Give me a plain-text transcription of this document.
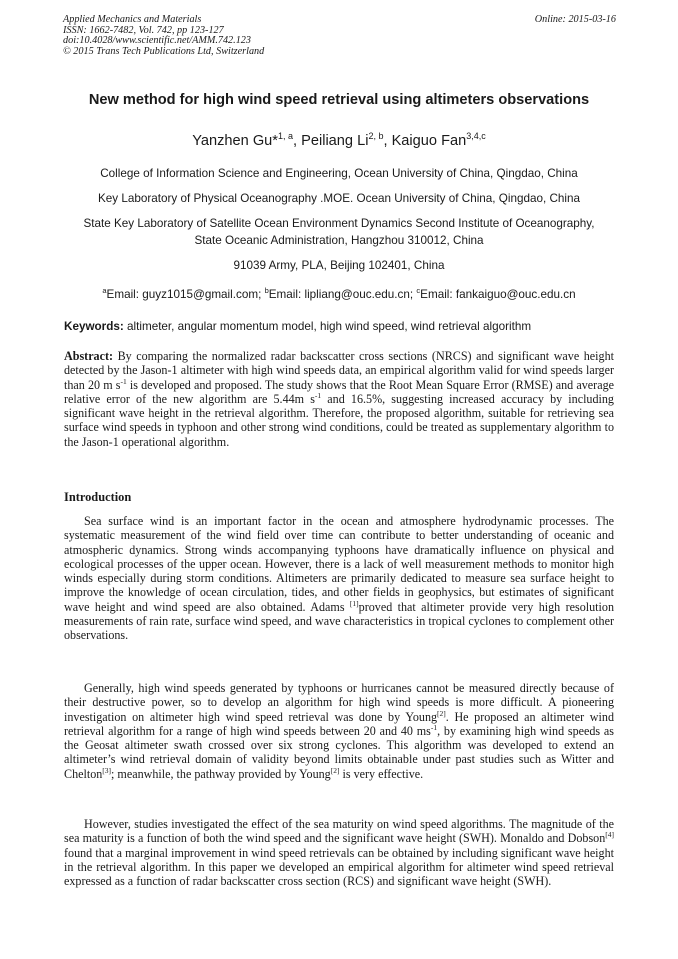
Applied Mechanics and Materials
ISSN: 1662-7482, Vol. 742, pp 123-127
doi:10.4028/www.scientific.net/AMM.742.123
© 2015 Trans Tech Publications Ltd, Switzerland
Online: 2015-03-16
New method for high wind speed retrieval using altimeters observations
Yanzhen Gu*$^{1, a}$, Peiliang Li$^{2, b}$, Kaiguo Fan$^{3,4,c}$
College of Information Science and Engineering, Ocean University of China, Qingdao, China
Key Laboratory of Physical Oceanography .MOE. Ocean University of China, Qingdao, China
State Key Laboratory of Satellite Ocean Environment Dynamics Second Institute of Oceanography,
State Oceanic Administration, Hangzhou 310012, China
91039 Army, PLA, Beijing 102401, China
$^a$Email: guyz1015@gmail.com; $^b$Email: lipliang@ouc.edu.cn; $^c$Email: fankaiguo@ouc.edu.cn
Keywords: altimeter, angular momentum model, high wind speed, wind retrieval algorithm
Abstract: By comparing the normalized radar backscatter cross sections (NRCS) and significant wave height detected by the Jason-1 altimeter with high wind speeds data, an empirical algorithm valid for wind speeds larger than 20 m $s^{-1}$ is developed and proposed. The study shows that the Root Mean Square Error (RMSE) and average relative error of the new algorithm are 5.44m $s^{-1}$ and 16.5%, suggesting increased accuracy by including significant wave height in the retrieval algorithm. Therefore, the proposed algorithm, suitable for retrieving sea surface wind speeds in typhoon and other strong wind conditions, could be treated as supplementary algorithm to the Jason-1 operational algorithm.
Introduction
Sea surface wind is an important factor in the ocean and atmosphere hydrodynamic processes. The systematic measurement of the wind field over time can contribute to better understanding of oceanic and atmospheric dynamics. Strong winds accompanying typhoons have dramatically influence on physical and ecological processes of the upper ocean. However, there is a lack of well measurement methods to monitor high winds especially during storm conditions. Altimeters are primarily dedicated to measure sea surface height to improve the knowledge of ocean circulation, tides, and other fields in geophysics, but estimates of significant wave height and wind speed are also obtained. Adams [1]proved that altimeter provide very high resolution measurements of rain rate, surface wind speed, and wave characteristics in tropical cyclones to complement other observations.
Generally, high wind speeds generated by typhoons or hurricanes cannot be measured directly because of their destructive power, so to develop an algorithm for high wind speeds is more difficult. A pioneering investigation on altimeter high wind speed retrieval was done by Young[2]. He proposed an altimeter wind retrieval algorithm for a range of high wind speeds between 20 and 40 $ms^{-1}$, by examining high wind speeds as the Geosat altimeter swath crossed over six strong cyclones. This algorithm was developed to extend an altimeter’s wind retrieval domain of validity beyond limits obtainable under past studies such as Witter and Chelton[3]; meanwhile, the pathway provided by Young[2] is very effective.
However, studies investigated the effect of the sea maturity on wind speed algorithms. The magnitude of the sea maturity is a function of both the wind speed and the significant wave height (SWH). Monaldo and Dobson[4] found that a marginal improvement in wind speed retrievals can be obtained by including significant wave height in the retrieval algorithm. In this paper we developed an empirical algorithm for altimeter wind speed retrieval expressed as a function of radar backscatter cross section (RCS) and significant wave height (SWH).
